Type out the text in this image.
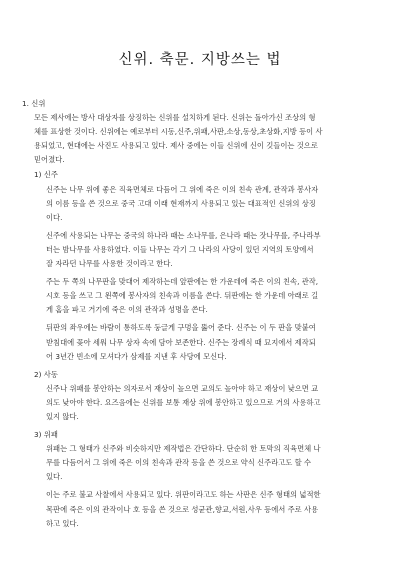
신위. 축문. 지방쓰는 법

1. 신위

모든 제사에는 방사 대상자를 상징하는 신위를 설치하게 된다. 신위는 돌아가신 조상의 형
체를 표상한 것이다. 신위에는 예로부터 시동,신주,위패,사판,소상,동상,초상화,지방 등이 사
용되었고, 현대에는 사진도 사용되고 있다. 제사 중에는 이들 신위에 신이 깃들이는 것으로
믿어졌다.

1) 신주

신주는 나무 위에 좋은 직육면체로 다듬어 그 위에 죽은 이의 친속 관계, 관작과 봉사자
의 이름 등을 쓴 것으로 중국 고대 이래 현재까지 사용되고 있는 대표적인 신위의 상징
이다.

신주에 사용되는 나무는 중국의 하나라 때는 소나무를, 은나라 때는 잣나무를, 주나라부
터는 밤나무를 사용하였다. 이들 나무는 각기 그 나라의 사당이 있던 지역의 토양에서
잘 자라던 나무를 사용한 것이라고 한다.

주는 두 쪽의 나무판을 맞대어 제작하는데 앞판에는 한 가운데에 죽은 이의 친속, 관작,
시호 등을 쓰고 그 왼쪽에 봉사자의 친속과 이름을 쓴다. 뒤판에는 한 가운데 아래로 길
게 홈을 파고 거기에 죽은 이의 관작과 성명을 쓴다.

뒤판의 좌우에는 바람이 통하도록 둥글게 구멍을 뚫어 준다. 신주는 이 두 판을 맞붙여
받침대에 꽂아 세워 나무 상자 속에 담아 보존한다. 신주는 장례식 때 묘지에서 제작되
어 3년간 빈소에 모셔다가 삼제를 지낸 후 사당에 모신다.

2) 사동

신주나 위패를 봉안하는 의자로서 재상이 높으면 교의도 높아야 하고 재상이 낮으면 교
의도 낮아야 한다. 요즈음에는 신위를 보통 재상 위에 봉안하고 있으므로 거의 사용하고
있지 않다.

3) 위패

위패는 그 형태가 신주와 비슷하지만 제작법은 간단하다. 단순히 한 토막의 직육면체 나
무를 다듬어서 그 위에 죽은 이의 친속과 관작 등을 쓴 것으로 약식 신주라고도 할 수
있다.

이는 주로 불교 사찰에서 사용되고 있다. 위판이라고도 하는 사판은 신주 형태의 넓적한
목판에 죽은 이의 관작이나 호 등을 쓴 것으로 성균관,향교,서원,사우 등에서 주로 사용
하고 있다.
